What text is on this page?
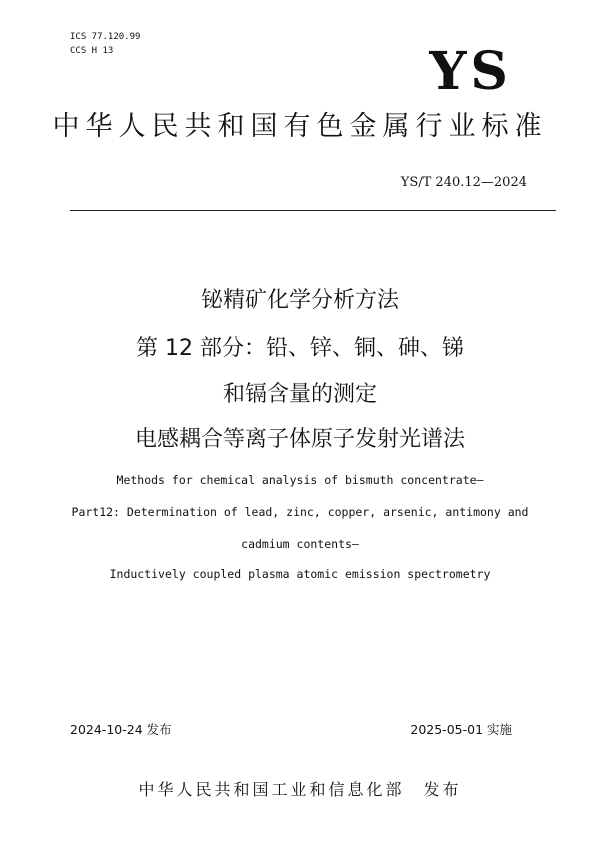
ICS 77.120.99
CCS H 13	YS
中华人民共和国有色金属行业标准
YS/T 240.12—2024
铋精矿化学分析方法
第 12 部分：铅、锌、铜、砷、锑
和镉含量的测定
电感耦合等离子体原子发射光谱法
Methods for chemical analysis of bismuth concentrate—
Part12: Determination of lead, zinc, copper, arsenic, antimony and
cadmium contents—
Inductively coupled plasma atomic emission spectrometry
2024-10-24 发布	2025-05-01 实施
中华人民共和国工业和信息化部　发布
